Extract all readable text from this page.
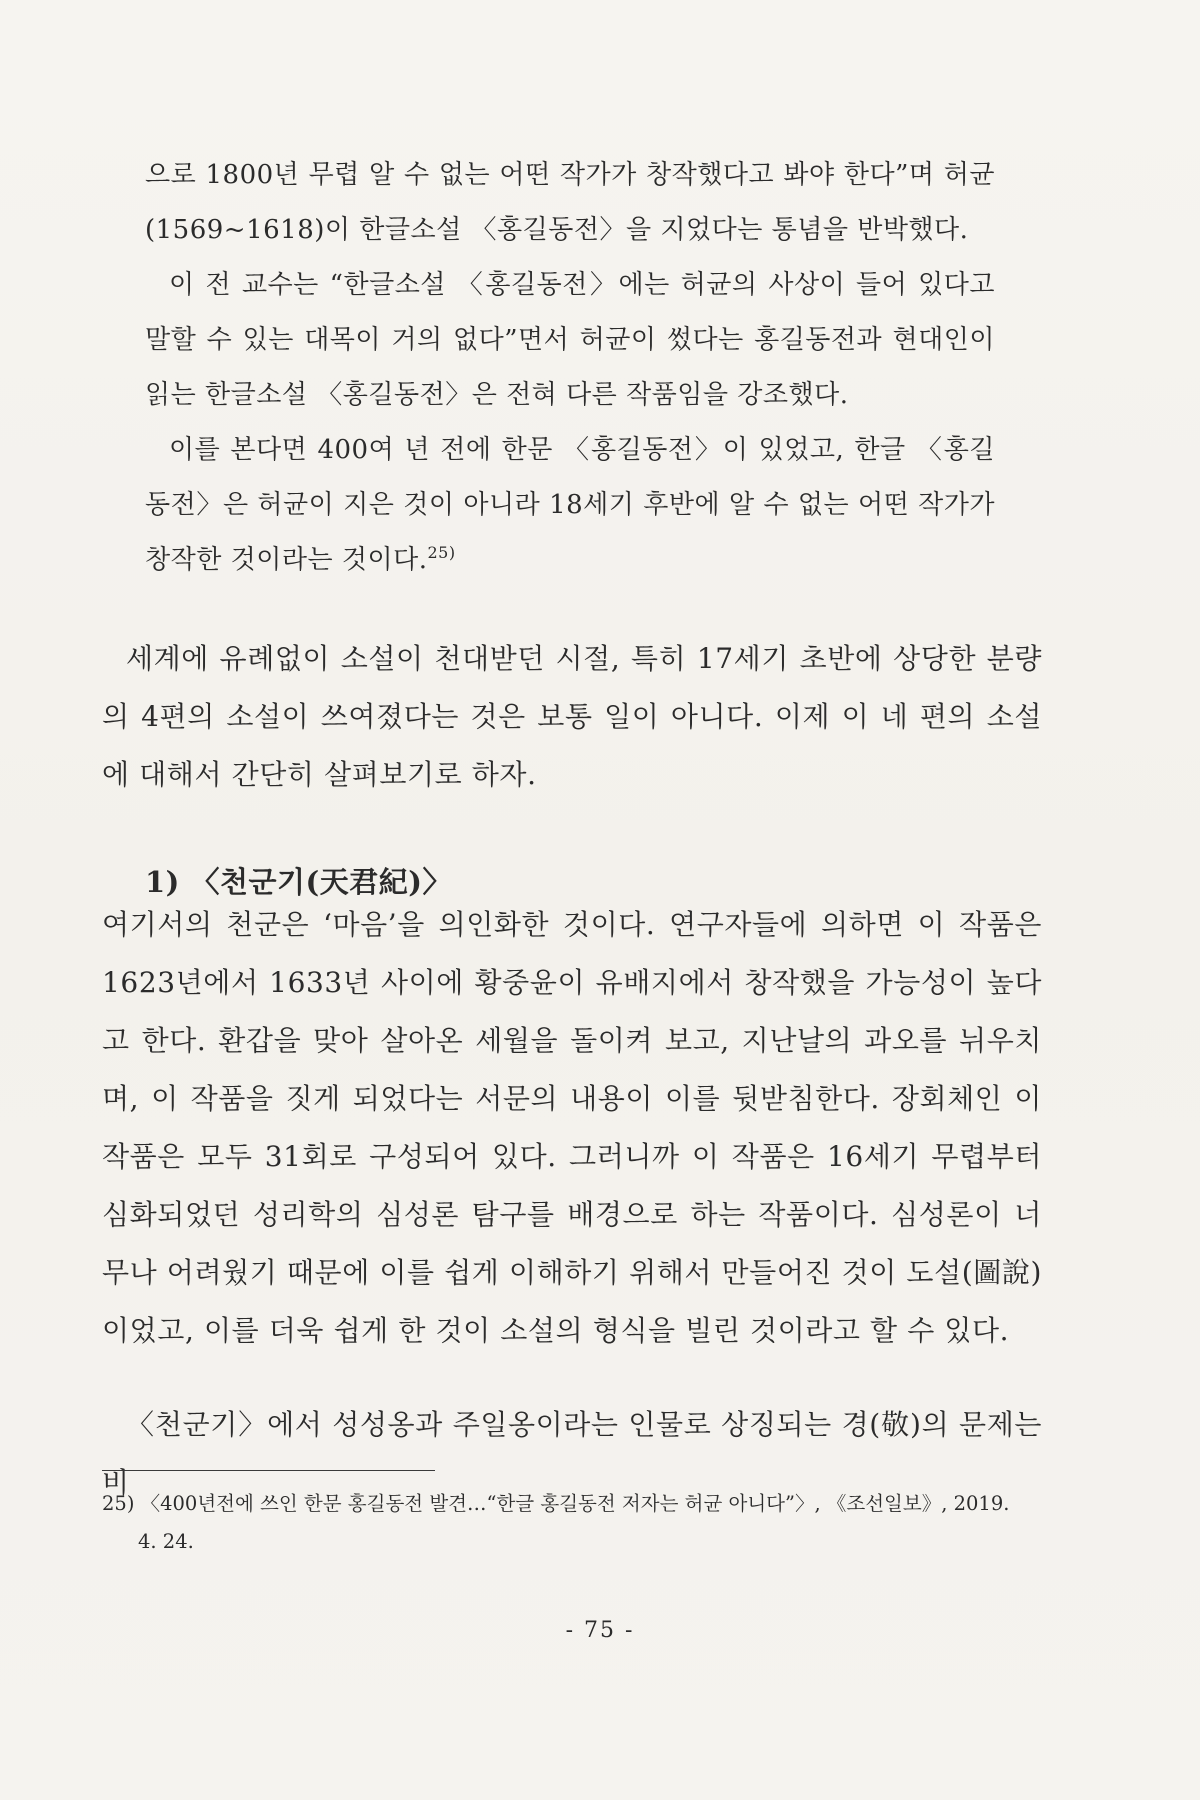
으로 1800년 무렵 알 수 없는 어떤 작가가 창작했다고 봐야 한다”며 허균 (1569~1618)이 한글소설 〈홍길동전〉을 지었다는 통념을 반박했다.

이 전 교수는 “한글소설 〈홍길동전〉에는 허균의 사상이 들어 있다고 말할 수 있는 대목이 거의 없다”면서 허균이 썼다는 홍길동전과 현대인이 읽는 한글소설 〈홍길동전〉은 전혀 다른 작품임을 강조했다.

이를 본다면 400여 년 전에 한문 〈홍길동전〉이 있었고, 한글 〈홍길동전〉은 허균이 지은 것이 아니라 18세기 후반에 알 수 없는 어떤 작가가 창작한 것이라는 것이다.$^{25)}$

세계에 유례없이 소설이 천대받던 시절, 특히 17세기 초반에 상당한 분량의 4편의 소설이 쓰여졌다는 것은 보통 일이 아니다. 이제 이 네 편의 소설에 대해서 간단히 살펴보기로 하자.

1) 〈천군기(天君紀)〉

여기서의 천군은 ‘마음’을 의인화한 것이다. 연구자들에 의하면 이 작품은 1623년에서 1633년 사이에 황중윤이 유배지에서 창작했을 가능성이 높다고 한다. 환갑을 맞아 살아온 세월을 돌이켜 보고, 지난날의 과오를 뉘우치며, 이 작품을 짓게 되었다는 서문의 내용이 이를 뒷받침한다. 장회체인 이 작품은 모두 31회로 구성되어 있다. 그러니까 이 작품은 16세기 무렵부터 심화되었던 성리학의 심성론 탐구를 배경으로 하는 작품이다. 심성론이 너무나 어려웠기 때문에 이를 쉽게 이해하기 위해서 만들어진 것이 도설(圖說)이었고, 이를 더욱 쉽게 한 것이 소설의 형식을 빌린 것이라고 할 수 있다.

〈천군기〉에서 성성옹과 주일옹이라는 인물로 상징되는 경(敬)의 문제는 비

25) 〈400년전에 쓰인 한문 홍길동전 발견…“한글 홍길동전 저자는 허균 아니다”〉, 《조선일보》, 2019.
4. 24.

- 75 -
